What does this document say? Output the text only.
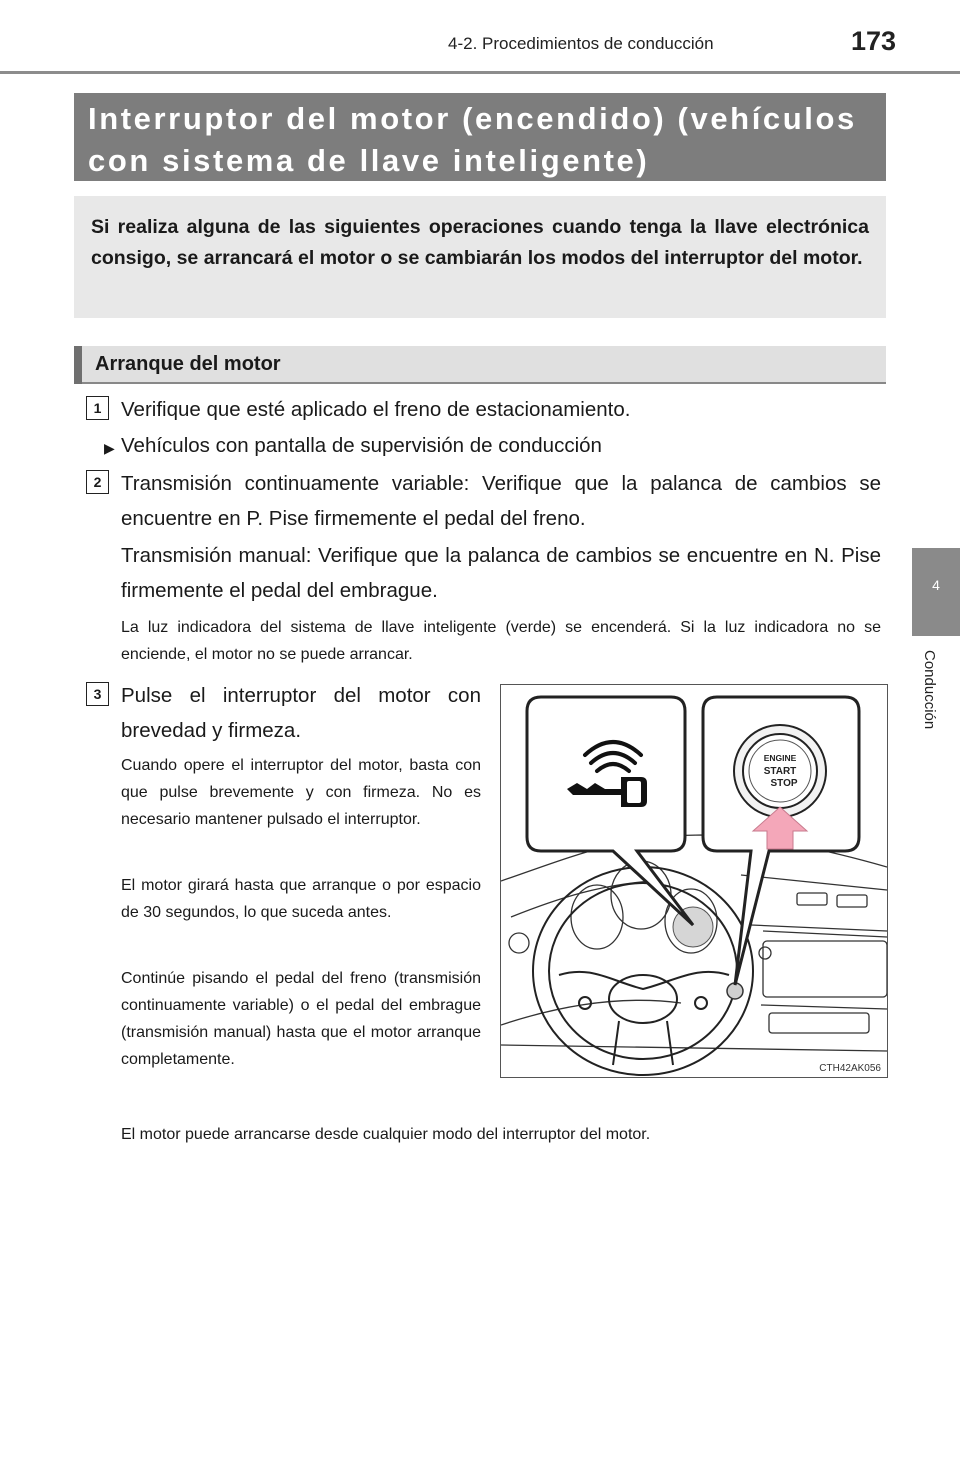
4-2. Procedimientos de conducción	173
4
Conducción
Interruptor del motor (encendido) (vehículos con sistema de llave inteligente)

Si realiza alguna de las siguientes operaciones cuando tenga la llave electrónica consigo, se arrancará el motor o se cambiarán los modos del interruptor del motor.

Arranque del motor
1 Verifique que esté aplicado el freno de estacionamiento.

▶ Vehículos con pantalla de supervisión de conducción

2 Transmisión continuamente variable: Verifique que la palanca de cambios se encuentre en P. Pise firmemente el pedal del freno.

Transmisión manual: Verifique que la palanca de cambios se encuentre en N. Pise firmemente el pedal del embrague.

La luz indicadora del sistema de llave inteligente (verde) se encenderá. Si la luz indicadora no se enciende, el motor no se puede arrancar.

3 Pulse el interruptor del motor con brevedad y firmeza.

Cuando opere el interruptor del motor, basta con que pulse brevemente y con firmeza. No es necesario mantener pulsado el interruptor.

El motor girará hasta que arranque o por espacio de 30 segundos, lo que suceda antes.

Continúe pisando el pedal del freno (transmisión continuamente variable) o el pedal del embrague (transmisión manual) hasta que el motor arranque completamente.

El motor puede arrancarse desde cualquier modo del interruptor del motor.

ENGINE
START
STOP
CTH42AK056
